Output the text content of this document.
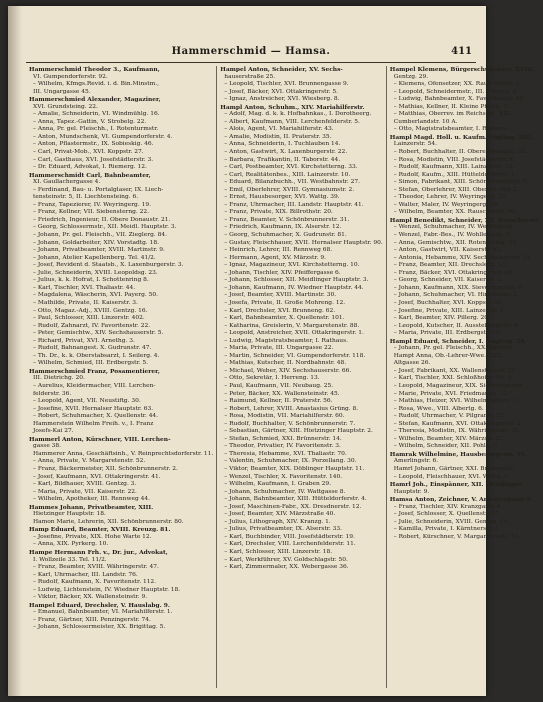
Hammerschmid — Hamsa.	411
Hammerschmid Theodor 3., Kaufmann,
VI. Gumpendorferstr. 92.
– Wilhelm, Kfmgs.Revid. i. d. Bin.Minstm.,
III. Ungargasse 45.
Hammerschmied Alexander, Magaziner,
XVI. Grundsteing. 22.
– Amalie, Schneiderin, VI. Windmühlg. 16.
– Anna, Tapez.-Gattin, V. Strobelg. 22.
– Anna, Pr. gel. Fleischh., I. Rotenturmstr.
– Anton, Mundschenk, VI. Gumpendorferstr. 4.
– Anton, Pflastermstr., IX. Sobieskig. 46.
– Carl, Privat-Mob., XVI. Koppstr. 27.
– Carl, Gasthaus, XVI. Josefstädterstr. 3.
– Dr. Eduard, Advokat, I. Riemerg. 12.
Hammerschmidt Carl, Bahnbeamter,
XI. Gaullachergasse 4.
– Ferdinand, Bau- u. Portalglaser, IX. Liech-
tensteinstr. 5, II. Liechtensteing. 6.
– Franz, Tapezierer, IV. Weyringerg. 19.
– Franz, Kellner, VII. Siebensterng. 22.
– Friedrich, Ingenieur, II. Obere Donaustr. 21.
– Georg, Schlossermstr., XII. Meidl. Hauptstr. 3.
– Johann, Pr. gel. Fleischh., VII. Zieglerg. 84.
– Johann, Goldarbeiter, XIV. Vorstadtg. 18.
– Johann, Privatbeamter, XVIII. Martinstr. 9.
– Johann, Atelier Kapellenberg. Tel. 41/2.
– Josef, Revident d. Staatsb., X. Laxenburgerstr. 3.
– Julie, Schneiderin, XVIII. Leopoldsg. 23.
– Julius, k. k. Hofrat, I. Schottenring 8.
– Karl, Tischler, XVI. Thaliastr. 44.
– Magdalena, Wäscherin, XVI. Payerg. 50.
– Mathilde, Private, II. Kaiserstr. 3.
– Otto, Magaz.-Adj., XVIII. Gentzg. 16.
– Paul, Schlosser, XIII. Linzerstr. 402.
– Rudolf, Zahnarzt, IV. Favoritenstr. 22.
– Peter, Gemischtw., XIV. Sechshauserstr. 5.
– Richard, Privat, XVI. Arnethg. 3.
– Rudolf, Bahnangest. X. Gudrunstr. 47.
– Th. Dr., k. k. Oberstabsarzt, I. Seilerg. 4.
– Wilhelm, Schmied, III. Erdbergstr. 5.
Hammerschmied Franz, Posamentierer,
III. Dietrichg. 20.
– Aurelius, Kleidermacher, VIII. Lerchen-
felderstr. 36.
– Leopold, Agent, VII. Neustiftg. 30.
– Josefine, XVII. Hernalser Hauptstr. 63.
– Robert, Schuhmacher, X. Quellenstr. 44.
Hammerstein Wilhelm Freih. v., I. Franz
Josefs-Kai 27.
Hammerl Anton, Kürschner, VIII. Lerchen-
gasse 38.
Hammerer Anna, Geschäftsinh., V. Reinprechtsdorferstr. 11.
– Anna, Private, V. Margaretenstr. 52.
– Franz, Bäckermeister, XII. Schönbrunnerstr. 2.
– Josef, Kaufmann, XVI. Ottakringerstr. 41.
– Karl, Bildhauer, XVIII. Gentzg. 3.
– Maria, Private, VII. Kaiserstr. 22.
– Wilhelm, Apotheker, III. Rennweg 44.
Hammes Johann, Privatbeamter, XIII.
Hietzinger Hauptstr. 18.
Hamon Marie, Lehrerin, XII. Schönbrunnerstr. 80.
Hamp Eduard, Beamter, XVIII. Kreuzg. 81.
– Josefine, Private, XIX. Hohe Warte 12.
– Anna, XIX. Pyrkerg. 10.
Hampe Hermann Frh. v., Dr. jur., Advokat,
I. Wollzeile 33. Tel. 11/2.
– Franz, Beamter, XVIII. Währingerstr. 47.
– Karl, Uhrmacher, III. Landstr. 76.
– Rudolf, Kaufmann, X. Favoritenstr. 112.
– Ludwig, Lichtenstein, IV. Wiedner Hauptstr. 18.
– Viktor, Bäcker, XX. Wallensteinstr. 9.
Hampel Eduard, Drechsler, V. Hauslabg. 9.
– Emanuel, Bahnbeamter, VI. Mariahilferstr. 1.
– Franz, Gärtner, XIII. Penzingerstr. 74.
– Johann, Schlossermeister, XX. Brigittag. 5.
Hampel Anton, Schneider, XV. Sechs-
hauserstraße 25.
– Leopold, Tischler, XVI. Brunnengasse 9.
– Josef, Bäcker, XVI. Ottakringerstr. 5.
– Ignaz, Anstreicher, XVI. Wiesberg. 8.
Hampl Anton, Schuhm., XIV. Mariahilferstr.
– Adolf, Mag. d. k. k. Hofbahnkas., I. Dorotheerg.
– Albert, Kaufmann, VIII. Lerchenfelderstr. 5.
– Alois, Agent, VI. Mariahilferstr. 43.
– Amalie, Modistin, II. Praterstr. 35.
– Anna, Schneiderin, I. Tuchlauben 14.
– Anton, Gastwirt, X. Laxenburgerstr. 22.
– Barbara, Trafikantin, II. Taborstr. 44.
– Carl, Postbeamter, XVI. Kirchstetterng. 33.
– Carl, Realitätenbes., XIII. Lainzerstr. 10.
– Eduard, Bilanzbuchh., VII. Westbahnstr. 27.
– Emil, Oberlehrer, XVIII. Gymnasiumstr. 2.
– Ernst, Hausbesorger, XVI. Wattg. 39.
– Franz, Uhrmacher, III. Landstr. Hauptstr. 41.
– Franz, Private, XIX. Billrothstr. 20.
– Franz, Beamter, V. Schönbrunnerstr. 31.
– Friedrich, Kaufmann, IX. Alserstr. 12.
– Georg, Schuhmacher, X. Gudrunstr. 81.
– Gustav, Fleischhauer, XVII. Hernalser Hauptstr. 90.
– Heinrich, Lehrer, III. Rennweg 68.
– Hermann, Agent, XV. Märzstr. 9.
– Ignaz, Magazineur, XVI. Kirchstetterng. 10.
– Johann, Tischler, XIV. Pfeiffergasse 6.
– Johann, Schlosser, XII. Meidlinger Hauptstr. 3.
– Johann, Kaufmann, IV. Wiedner Hauptstr. 44.
– Josef, Beamter, XVIII. Martinstr. 30.
– Josefa, Private, II. Große Mohreng. 12.
– Karl, Drechsler, XVI. Brunneng. 62.
– Karl, Bahnbeamter, X. Quellenstr. 101.
– Katharina, Greislerin, V. Margaretenstr. 88.
– Leopold, Anstreicher, XVII. Ottakringerstr. 1.
– Ludwig, Magistratsbeamter, I. Rathaus.
– Maria, Private, III. Ungargasse 22.
– Martin, Schneider, VI. Gumpendorferstr. 118.
– Mathias, Kutscher, II. Nordbahnstr. 48.
– Michael, Weber, XIV. Sechshauserstr. 66.
– Otto, Sekretär, I. Herreng. 13.
– Paul, Kaufmann, VII. Neubaug. 25.
– Peter, Bäcker, XX. Wallensteinstr. 45.
– Raimund, Kellner, II. Praterstr. 56.
– Robert, Lehrer, XVIII. Anastasius Grüng. 8.
– Rosa, Modistin, VII. Mariahilferstr. 60.
– Rudolf, Buchhalter, V. Schönbrunnerstr. 7.
– Sebastian, Gärtner, XIII. Hietzinger Hauptstr. 2.
– Stefan, Schmied, XXI. Brünnerstr. 14.
– Theodor, Privatier, IV. Favoritenstr. 3.
– Theresia, Hebamme, XVI. Thaliastr. 70.
– Valentin, Schuhmacher, IX. Porzellang. 30.
– Viktor, Beamter, XIX. Döblinger Hauptstr. 11.
– Wenzel, Tischler, X. Favoritenstr. 140.
– Wilhelm, Kaufmann, I. Graben 29.
– Johann, Schuhmacher, IV. Wattgasse 8.
– Johann, Bahnbeamter, XIII. Hütteldorferstr. 4.
– Josef, Maschinen-Fabr., XX. Dresdnerstr. 12.
– Josef, Beamter, XIV. Märzstraße 40.
– Julius, Lithograph, XIV. Kranzg. 1.
– Julius, Privatbeamter, IX. Alserstr. 33.
– Karl, Buchbinder, VIII. Josefstädterstr. 19.
– Karl, Drechsler, VIII. Lerchenfelderstr. 11.
– Karl, Schlosser, XIII. Linzerstr. 18.
– Karl, Werkführer, XV. Goldschlagstr. 50.
– Karl, Zimmermaler, XX. Webergasse 36.
Hampel Klemens, Bürgerschullehrer, XVIII.
Gentzg. 29.
– Klemens, Ofensetzer, XX. Rauscherstr. 3.
– Leopold, Schneidermstr., III. Ungarg. 4.
– Ludwig, Bahnbeamter, X. Favoritenstr. 98.
– Mathias, Kellner, II. Kleine Pfarrg. 7.
– Matthias, Oberrev. im Reichsfin., XIII.
Cumberlandstr. 10 A.
– Otto, Magistratsbeamter, I. Rathaus.
Hampl Magd. Holl. u. Kaufm. Zögling, XIII.
Lainzerstr. 54.
– Robert, Buchhalter, II. Obere Donaustr. 55.
– Rosa, Modistin, VIII. Josefstädterstr. 8.
– Rudolf, Kaufmann, XIII. Lainzerstr. 24.
– Rudolf, Kaufm., XIII. Hütteldorferstr. 1.
– Simon, Fabrikant, XIII. Schönbrunnerstr. 5.
– Stefan, Oberlehrer, XIII. Ober-St.-Veit 2.
– Theodor, Lehrer, IV. Weyringerg. 33.
– Walter, Maler, IV. Weyringerg. 19.
– Wilhelm, Beamter, XX. Rauscherstr. 60.
Hampl Benedikt, Schneider, XX. Rauscherstr.
– Wenzel, Schuhmacher, IV. Weyringerg.
– Wenzel, Fabr.-Bes., IV. Wohllebeng. 5.
– Anna, Gemischtw., XII. Rotenmühlg. 12.
– Anton, Gastwirt, VII. Kaiserstr. 42.
– Antonia, Hebamme, XIV. Sechshauserstr. 31.
– Franz, Beamter, XII. Drechslerg. 13.
– Franz, Bäcker, XVI. Ottakringerstr. 60.
– Georg, Schneider, VII. Kaiserstr. 3.
– Johann, Kaufmann, XIX. Sieveringerstr. 6.
– Johann, Schuhmacher, VI. Hirscheng. 3.
– Josef, Buchhalter, XVI. Koppstr. 39.
– Josefine, Private, XIII. Lainzerstr. 2.
– Karl, Beamter, XIV. Pillerg. 20.
– Leopold, Kutscher, II. Ausstellungsstr. 4.
– Maria, Private, III. Erdbergstr. 14.
Hampl Eduard, Schneider, I. Naglerg. 28.
– Johann, Pr. gel. Fleischh., XX. Jägerstr.
Hampt Anna, Ob.-Lehrer-Wwe., XIII.
Altgasse 26.
– Josef, Fabrikant, XX. Wallensteinstr. 12.
– Karl, Tischler, XXI. Schloßhofer Str. 3.
– Leopold, Magazineur, XIX. Sieveringerstr.
– Marie, Private, XVI. Friedmanng. 12.
– Mathias, Heizer, XVI. Wilhelminenstr. 1.
– Rosa, Wwe., VIII. Albertg. 6.
– Rudolf, Uhrmacher, V. Pilgramg. 22.
– Stefan, Kaufmann, XVI. Ottakringerstr. 2.
– Theresia, Modistin, IX. Währingerstr. 55.
– Wilhelm, Beamter, XIV. Märzstr. 27.
– Wilhelm, Schneider, XII. Pohlg. 5.
Hamrak Wilhelmine, Hausbesorgerin, VI.
Amerlingstr. 6.
Hamrl Johann, Gärtner, XXI. Brünnerstr.
– Leopold, Fleischhauer, XVI. Wattg. 7.
Hamrl Joh., Einspänner, XII. Meidlinger
Hauptstr. 9.
Hamsa Anton, Zeichner, V. Arbeitergasse 9.
– Franz, Tischler, XIV. Kranzgasse 6.
– Josef, Schlosser, X. Quellenstr. 17.
– Julie, Schneiderin, XVIII. Gentzg. 14.
– Kamilla, Private, I. Kärntnerstr. 3.
– Robert, Kürschner, V. Margaretenstr. 11.
